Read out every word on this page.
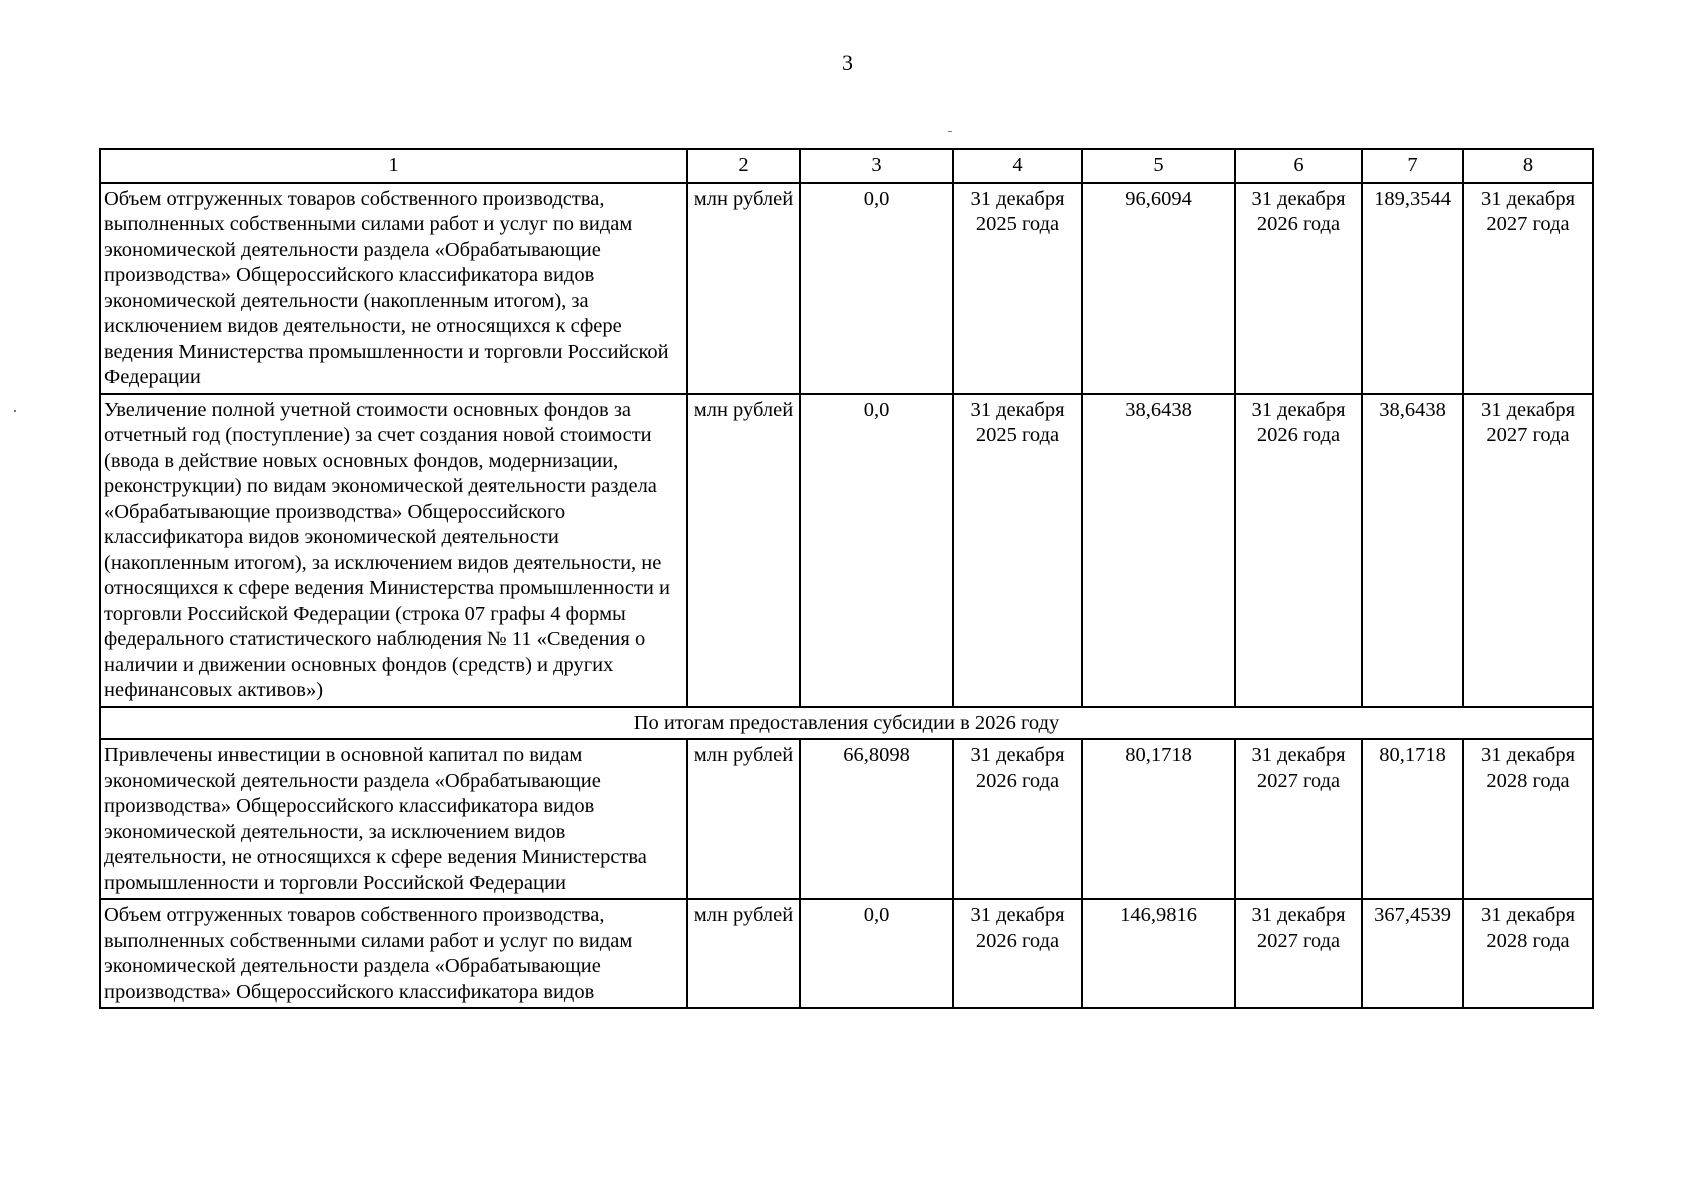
3
1	2	3	4	5	6	7	8
Объем отгруженных товаров собственного производства, выполненных собственными силами работ и услуг по видам экономической деятельности раздела «Обрабатывающие производства» Общероссийского классификатора видов экономической деятельности (накопленным итогом), за исключением видов деятельности, не относящихся к сфере ведения Министерства промышленности и торговли Российской Федерации	млн рублей	0,0	31 декабря 2025 года	96,6094	31 декабря 2026 года	189,3544	31 декабря 2027 года
Увеличение полной учетной стоимости основных фондов за отчетный год (поступление) за счет создания новой стоимости (ввода в действие новых основных фондов, модернизации, реконструкции) по видам экономической деятельности раздела «Обрабатывающие производства» Общероссийского классификатора видов экономической деятельности (накопленным итогом), за исключением видов деятельности, не относящихся к сфере ведения Министерства промышленности и торговли Российской Федерации (строка 07 графы 4 формы федерального статистического наблюдения № 11 «Сведения о наличии и движении основных фондов (средств) и других нефинансовых активов»)	млн рублей	0,0	31 декабря 2025 года	38,6438	31 декабря 2026 года	38,6438	31 декабря 2027 года
По итогам предоставления субсидии в 2026 году							
Привлечены инвестиции в основной капитал по видам экономической деятельности раздела «Обрабатывающие производства» Общероссийского классификатора видов экономической деятельности, за исключением видов деятельности, не относящихся к сфере ведения Министерства промышленности и торговли Российской Федерации	млн рублей	66,8098	31 декабря 2026 года	80,1718	31 декабря 2027 года	80,1718	31 декабря 2028 года
Объем отгруженных товаров собственного производства, выполненных собственными силами работ и услуг по видам экономической деятельности раздела «Обрабатывающие производства» Общероссийского классификатора видов	млн рублей	0,0	31 декабря 2026 года	146,9816	31 декабря 2027 года	367,4539	31 декабря 2028 года
